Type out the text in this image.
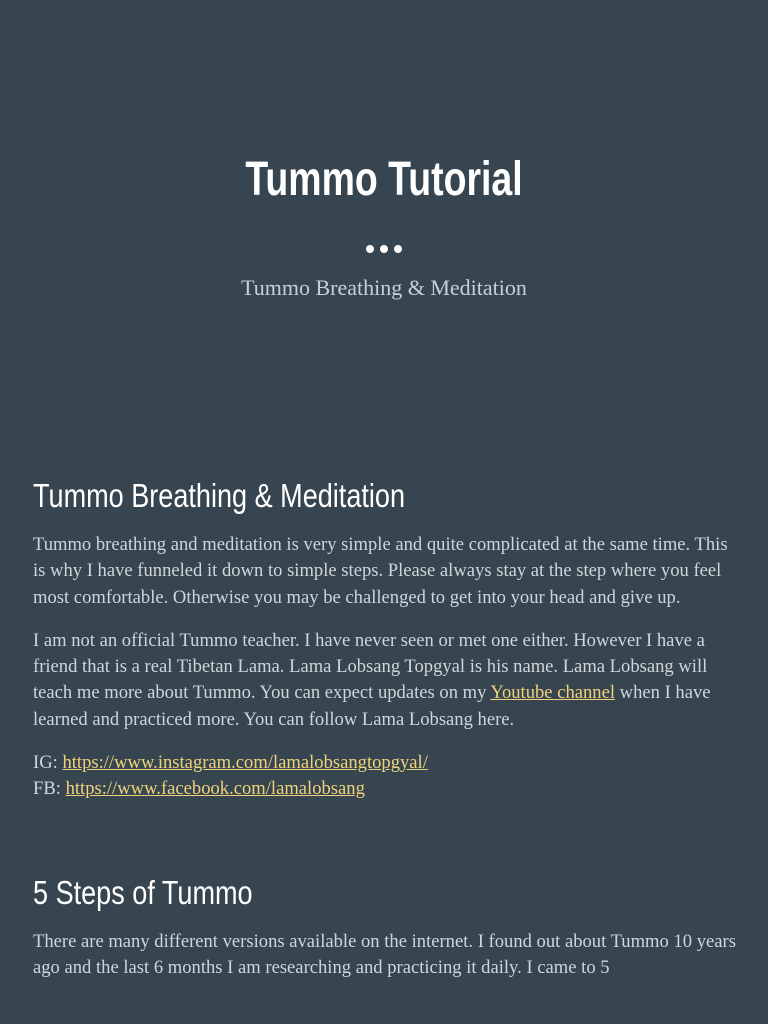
Tummo Tutorial

Tummo Breathing & Meditation

Tummo Breathing & Meditation

Tummo breathing and meditation is very simple and quite complicated at the same time. This is why I have funneled it down to simple steps. Please always stay at the step where you feel most comfortable. Otherwise you may be challenged to get into your head and give up.

I am not an official Tummo teacher. I have never seen or met one either. However I have a friend that is a real Tibetan Lama. Lama Lobsang Topgyal is his name. Lama Lobsang will teach me more about Tummo. You can expect updates on my Youtube channel when I have learned and practiced more. You can follow Lama Lobsang here.

IG: https://www.instagram.com/lamalobsangtopgyal/
FB: https://www.facebook.com/lamalobsang

5 Steps of Tummo

There are many different versions available on the internet. I found out about Tummo 10 years ago and the last 6 months I am researching and practicing it daily. I came to 5
